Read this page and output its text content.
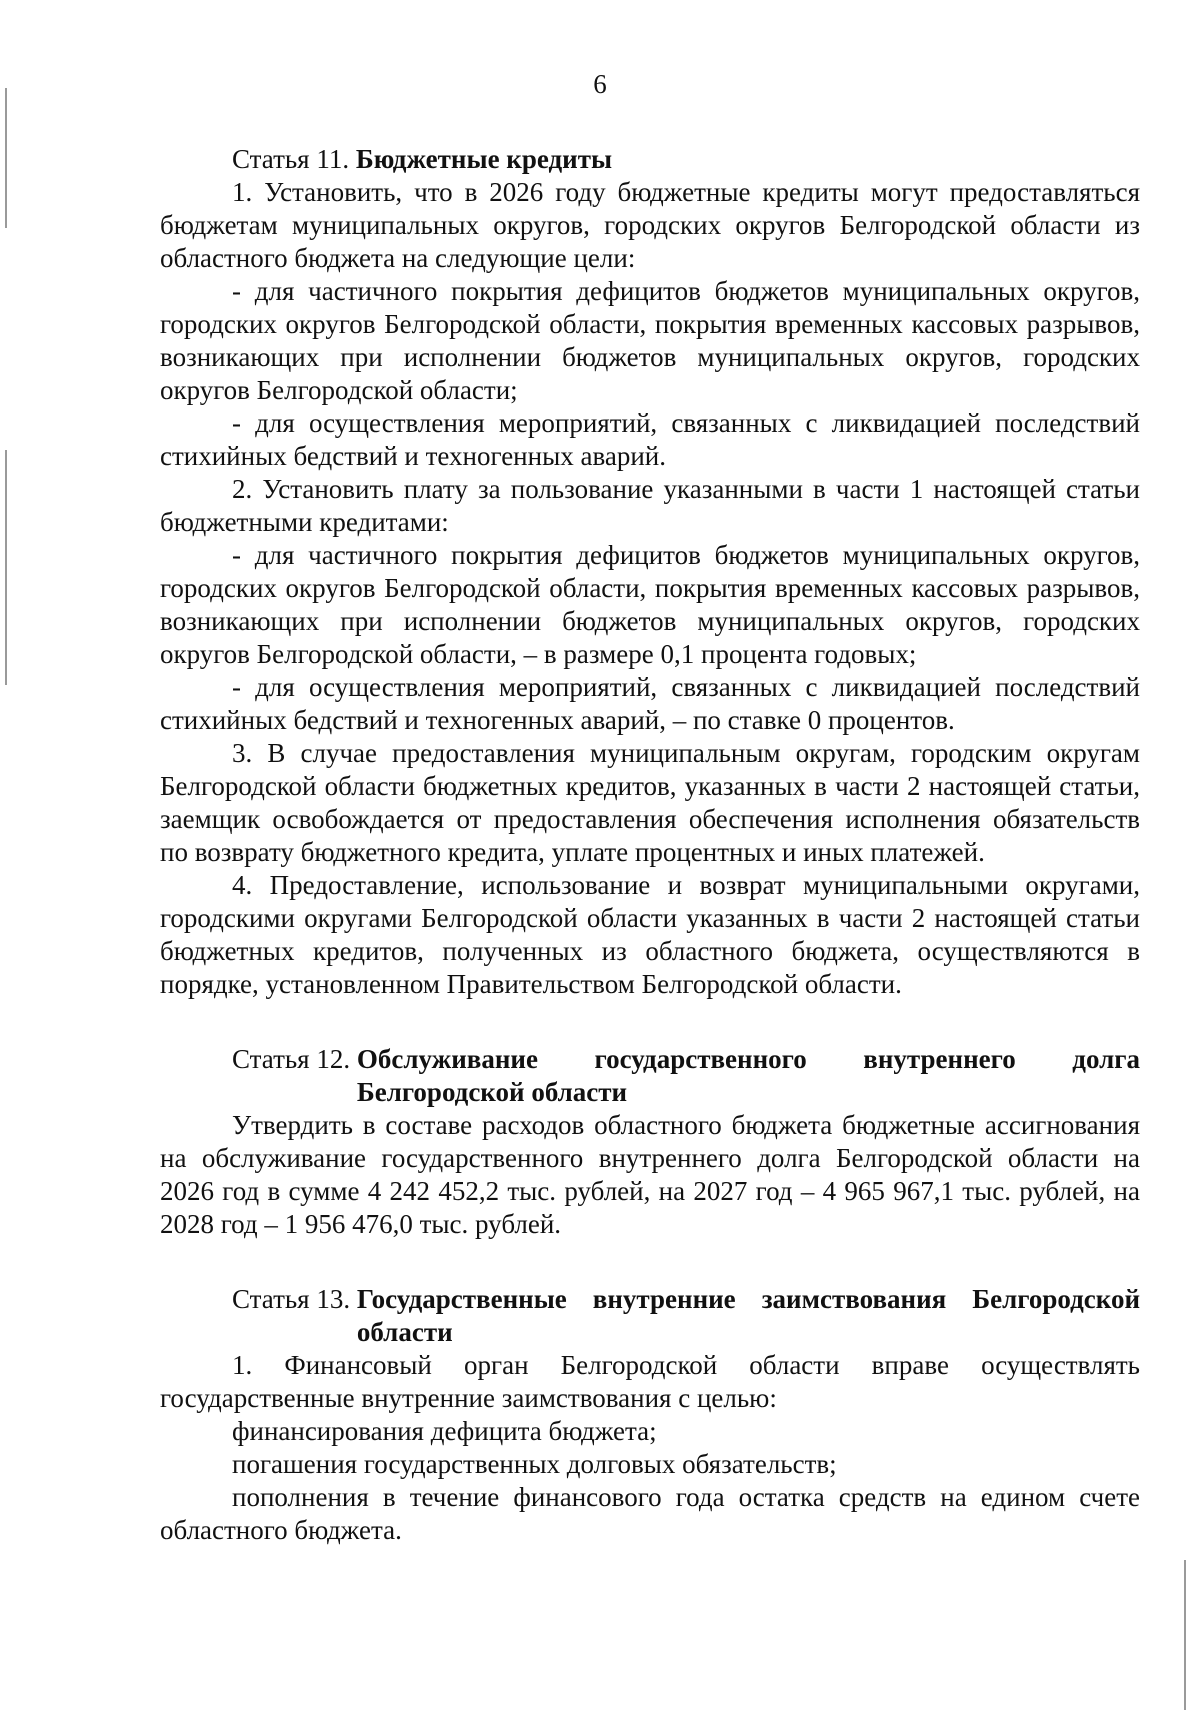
6
Статья 11. Бюджетные кредиты

1. Установить, что в 2026 году бюджетные кредиты могут предоставляться бюджетам муниципальных округов, городских округов Белгородской области из областного бюджета на следующие цели:

- для частичного покрытия дефицитов бюджетов муниципальных округов, городских округов Белгородской области, покрытия временных кассовых разрывов, возникающих при исполнении бюджетов муниципальных округов, городских округов Белгородской области;

- для осуществления мероприятий, связанных с ликвидацией последствий стихийных бедствий и техногенных аварий.

2. Установить плату за пользование указанными в части 1 настоящей статьи бюджетными кредитами:

- для частичного покрытия дефицитов бюджетов муниципальных округов, городских округов Белгородской области, покрытия временных кассовых разрывов, возникающих при исполнении бюджетов муниципальных округов, городских округов Белгородской области, – в размере 0,1 процента годовых;

- для осуществления мероприятий, связанных с ликвидацией последствий стихийных бедствий и техногенных аварий, – по ставке 0 процентов.

3. В случае предоставления муниципальным округам, городским округам Белгородской области бюджетных кредитов, указанных в части 2 настоящей статьи, заемщик освобождается от предоставления обеспечения исполнения обязательств по возврату бюджетного кредита, уплате процентных и иных платежей.

4. Предоставление, использование и возврат муниципальными округами, городскими округами Белгородской области указанных в части 2 настоящей статьи бюджетных кредитов, полученных из областного бюджета, осуществляются в порядке, установленном Правительством Белгородской области.

Статья 12. Обслуживание государственного внутреннего долга Белгородской области

Утвердить в составе расходов областного бюджета бюджетные ассигнования на обслуживание государственного внутреннего долга Белгородской области на 2026 год в сумме 4 242 452,2 тыс. рублей, на 2027 год – 4 965 967,1 тыс. рублей, на 2028 год – 1 956 476,0 тыс. рублей.

Статья 13. Государственные внутренние заимствования Белгородской области

1. Финансовый орган Белгородской области вправе осуществлять государственные внутренние заимствования с целью:

финансирования дефицита бюджета;

погашения государственных долговых обязательств;

пополнения в течение финансового года остатка средств на едином счете областного бюджета.
